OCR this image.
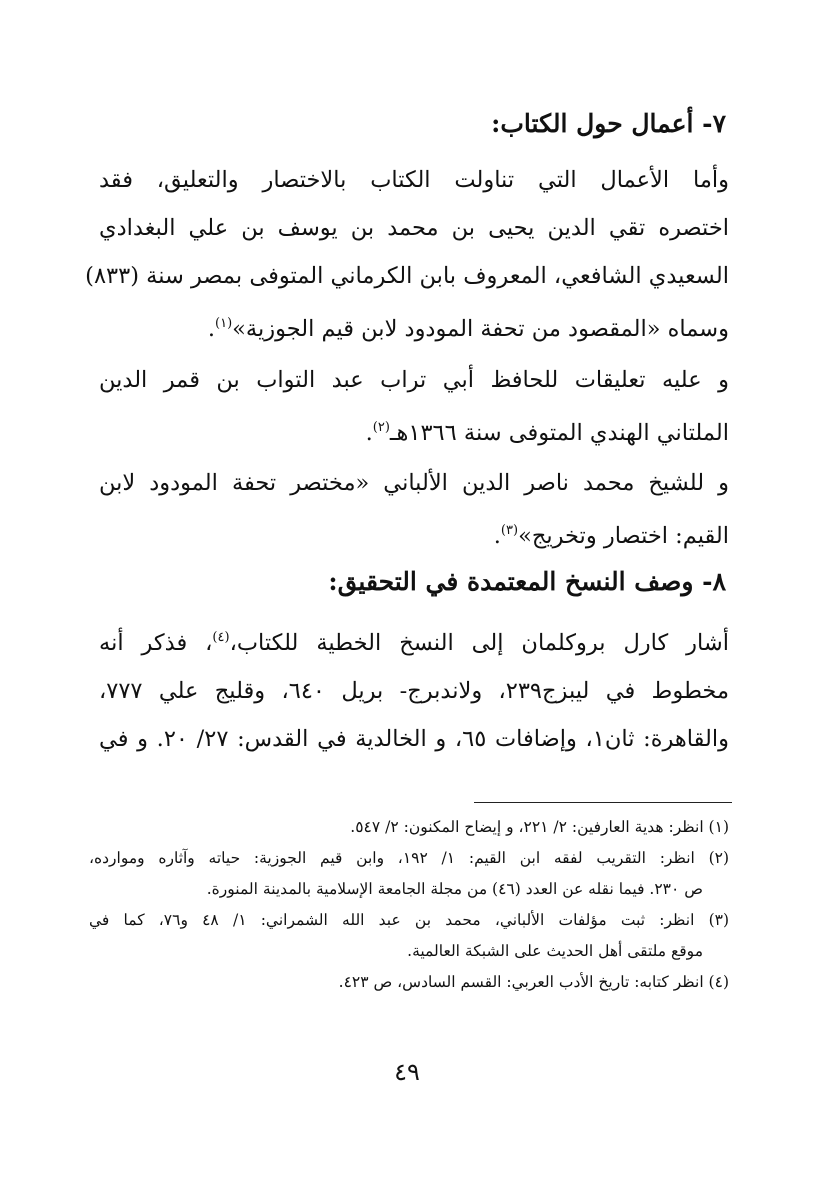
٧- أعمال حول الكتاب:
وأما الأعمال التي تناولت الكتاب بالاختصار والتعليق، فقد
اختصره تقي الدين يحيى بن محمد بن يوسف بن علي البغدادي
السعيدي الشافعي، المعروف بابن الكرماني المتوفى بمصر سنة (٨٣٣)
وسماه «المقصود من تحفة المودود لابن قيم الجوزية»$^{(١)}$.
و عليه تعليقات للحافظ أبي تراب عبد التواب بن قمر الدين
الملتاني الهندي المتوفى سنة ١٣٦٦هـ$^{(٢)}$.
و للشيخ محمد ناصر الدين الألباني «مختصر تحفة المودود لابن
القيم: اختصار وتخريج»$^{(٣)}$.
٨- وصف النسخ المعتمدة في التحقيق:
أشار كارل بروكلمان إلى النسخ الخطية للكتاب،$^{(٤)}$، فذكر أنه
مخطوط في ليبزج٢٣٩، ولاندبرج- بريل ٦٤٠، وقليج علي ٧٧٧،
والقاهرة: ثان١، وإضافات ٦٥، و الخالدية في القدس: ٢٧/ ٢٠. و في
(١) انظر: هدية العارفين: ٢/ ٢٢١، و إيضاح المكنون: ٢/ ٥٤٧.
(٢) انظر: التقريب لفقه ابن القيم: ١/ ١٩٢، وابن قيم الجوزية: حياته وآثاره وموارده،
ص ٢٣٠. فيما نقله عن العدد (٤٦) من مجلة الجامعة الإسلامية بالمدينة المنورة.
(٣) انظر: ثبت مؤلفات الألباني، محمد بن عبد الله الشمراني: ١/ ٤٨ و٧٦، كما في
موقع ملتقى أهل الحديث على الشبكة العالمية.
(٤) انظر كتابه: تاريخ الأدب العربي: القسم السادس، ص ٤٢٣.
٤٩
